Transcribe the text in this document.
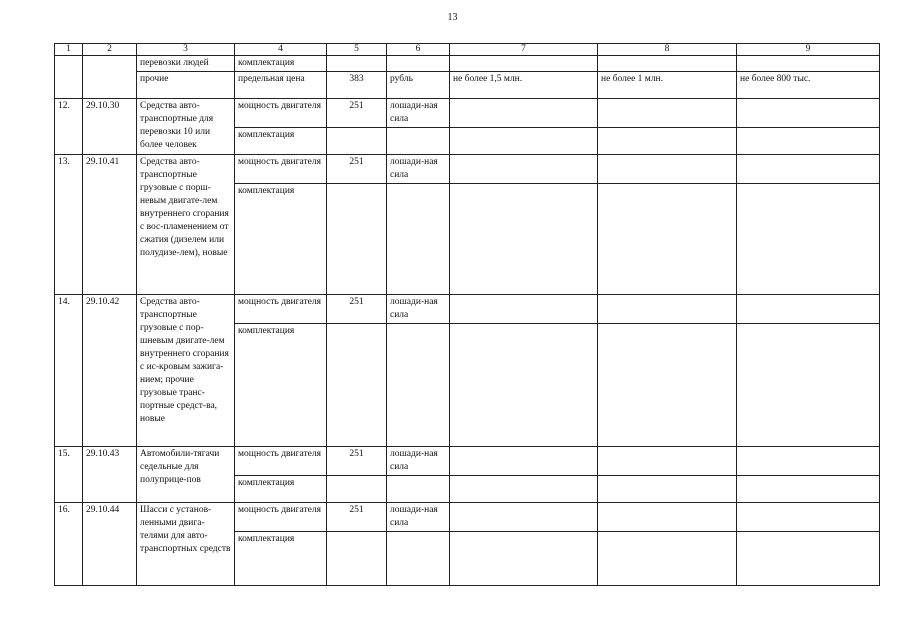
13
1	2	3	4	5	6	7	8	9
		перевозки людей	комплектация					
		прочие	предельная цена	383	рубль	не более 1,5 млн.	не более 1 млн.	не более 800 тыс.
12.	29.10.30	Средства авто-транспортные для перевозки 10 или более человек	мощность двигателя	251	лошади-ная сила			
			комплектация					
13.	29.10.41	Средства авто-транспортные грузовые с порш-невым двигате-лем внутреннего сгорания с вос-пламенением от сжатия (дизелем или полудизе-лем), новые	мощность двигателя	251	лошади-ная сила			
			комплектация					
14.	29.10.42	Средства авто-транспортные грузовые с пор-шневым двигате-лем внутреннего сгорания с ис-кровым зажига-нием; прочие грузовые транс-портные средст-ва, новые	мощность двигателя	251	лошади-ная сила			
			комплектация					
15.	29.10.43	Автомобили-тягачи седельные для полуприце-пов	мощность двигателя	251	лошади-ная сила			
			комплектация					
16.	29.10.44	Шасси с установ-ленными двига-телями для авто-транспортных средств	мощность двигателя	251	лошади-ная сила			
			комплектация					
